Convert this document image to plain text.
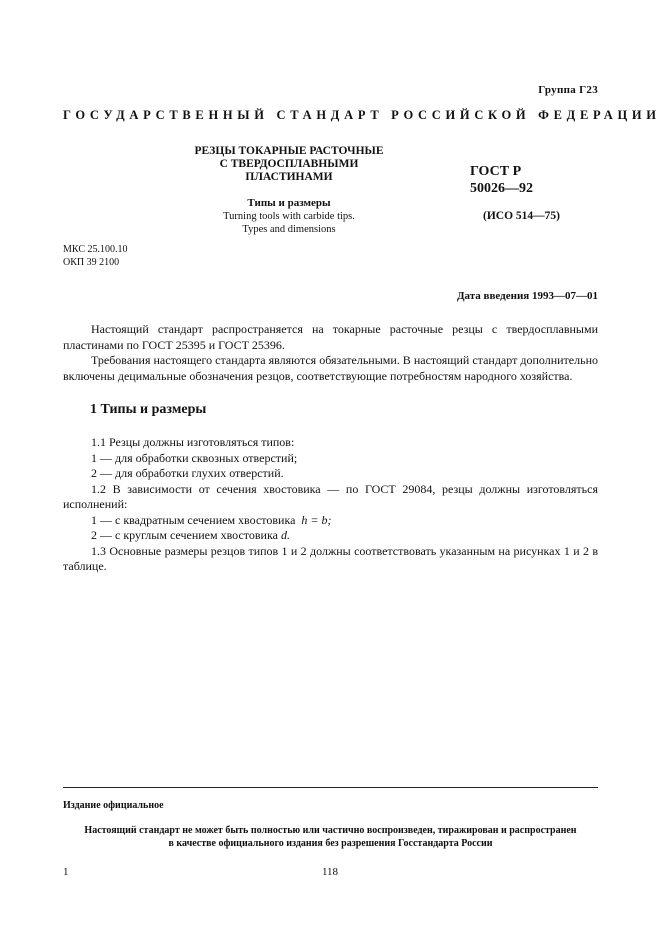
Группа Г23
ГОСУДАРСТВЕННЫЙ СТАНДАРТ РОССИЙСКОЙ ФЕДЕРАЦИИ
РЕЗЦЫ ТОКАРНЫЕ РАСТОЧНЫЕ
С ТВЕРДОСПЛАВНЫМИ ПЛАСТИНАМИ
Типы и размеры
Turning tools with carbide tips.
Types and dimensions
ГОСТ Р
50026—92
(ИСО 514—75)
МКС 25.100.10
ОКП 39 2100
Дата введения 1993—07—01

Настоящий стандарт распространяется на токарные расточные резцы с твердосплавными пластинами по ГОСТ 25395 и ГОСТ 25396.

Требования настоящего стандарта являются обязательными. В настоящий стандарт дополнительно включены децимальные обозначения резцов, соответствующие потребностям народного хозяйства.

1 Типы и размеры

1.1 Резцы должны изготовляться типов:

1 — для обработки сквозных отверстий;

2 — для обработки глухих отверстий.

1.2 В зависимости от сечения хвостовика — по ГОСТ 29084, резцы должны изготовляться исполнений:

1 — с квадратным сечением хвостовика h = b;

2 — с круглым сечением хвостовика d.

1.3 Основные размеры резцов типов 1 и 2 должны соответствовать указанным на рисунках 1 и 2 в таблице.

Издание официальное
Настоящий стандарт не может быть полностью или частично воспроизведен, тиражирован и распространен
в качестве официального издания без разрешения Госстандарта России
1	118
